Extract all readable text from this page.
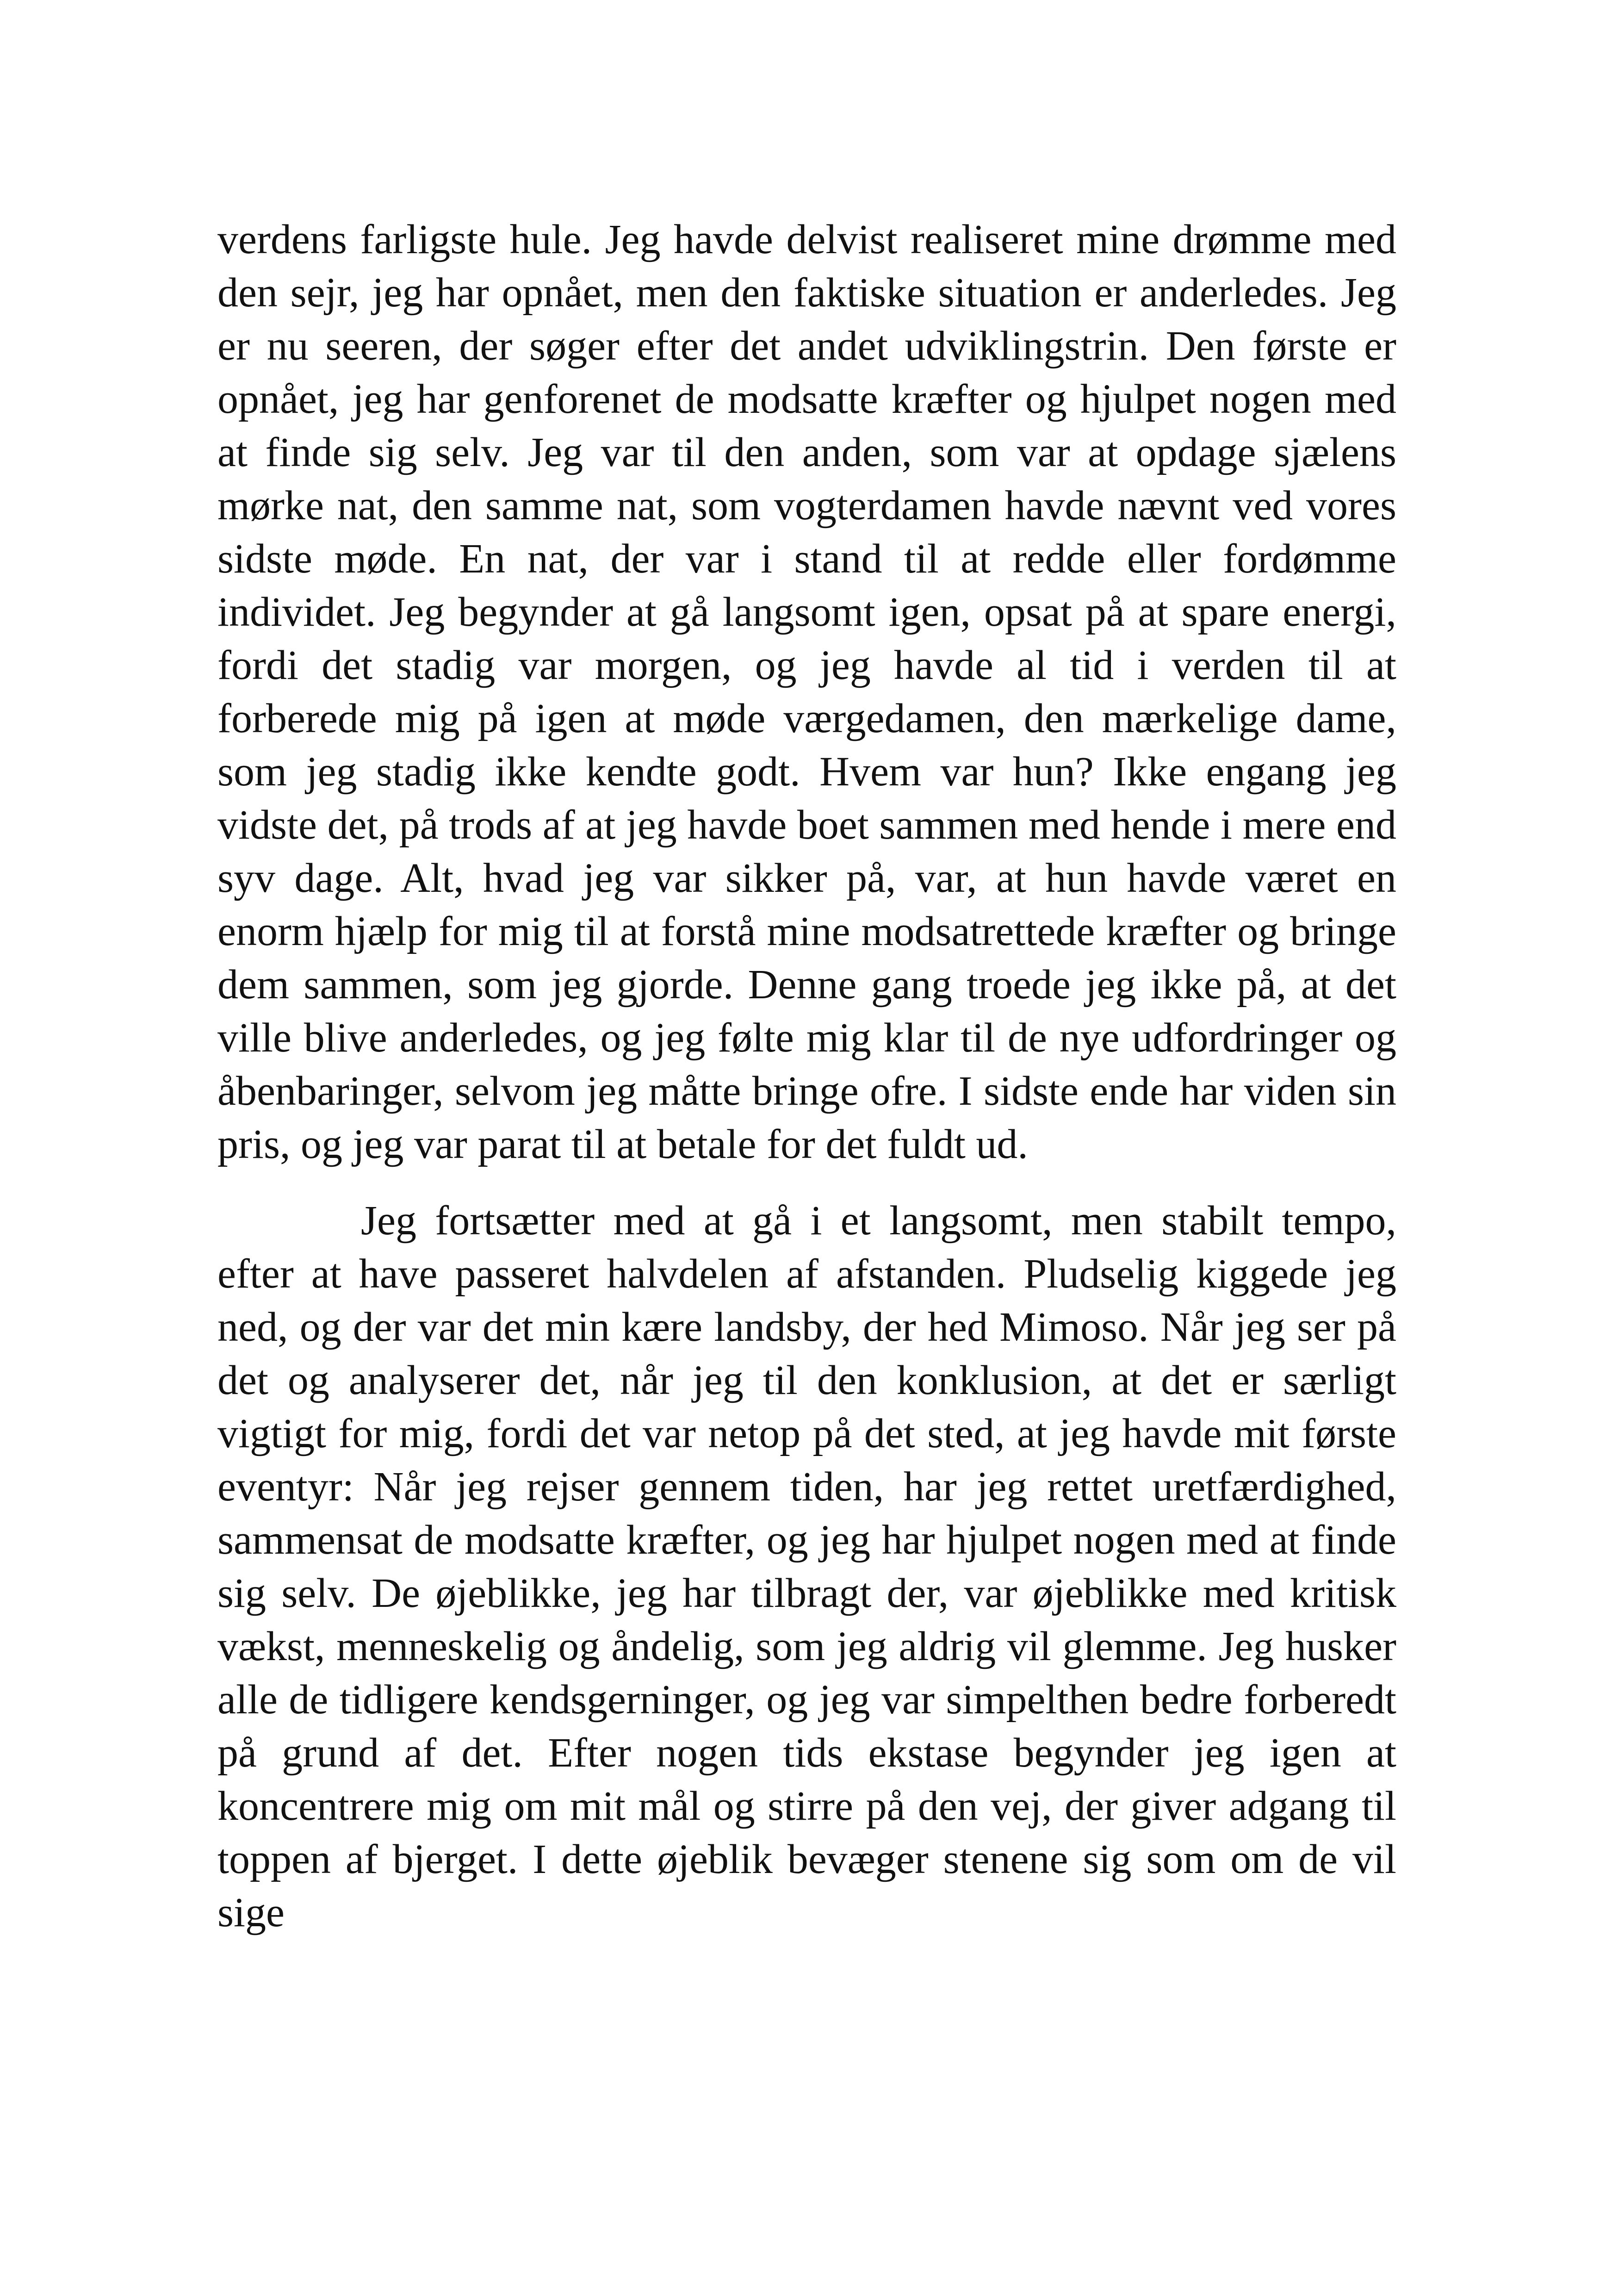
verdens farligste hule. Jeg havde delvist realiseret mine drømme med den sejr, jeg har opnået, men den faktiske situation er anderledes. Jeg er nu seeren, der søger efter det andet udviklingstrin. Den første er opnået, jeg har genforenet de modsatte kræfter og hjulpet nogen med at finde sig selv. Jeg var til den anden, som var at opdage sjælens mørke nat, den samme nat, som vogterdamen havde nævnt ved vores sidste møde. En nat, der var i stand til at redde eller fordømme individet. Jeg begynder at gå langsomt igen, opsat på at spare energi, fordi det stadig var morgen, og jeg havde al tid i verden til at forberede mig på igen at møde værgedamen, den mærkelige dame, som jeg stadig ikke kendte godt. Hvem var hun? Ikke engang jeg vidste det, på trods af at jeg havde boet sammen med hende i mere end syv dage. Alt, hvad jeg var sikker på, var, at hun havde været en enorm hjælp for mig til at forstå mine modsatrettede kræfter og bringe dem sammen, som jeg gjorde. Denne gang troede jeg ikke på, at det ville blive anderledes, og jeg følte mig klar til de nye udfordringer og åbenbaringer, selvom jeg måtte bringe ofre. I sidste ende har viden sin pris, og jeg var parat til at betale for det fuldt ud.

Jeg fortsætter med at gå i et langsomt, men stabilt tempo, efter at have passeret halvdelen af afstanden. Pludselig kiggede jeg ned, og der var det min kære landsby, der hed Mimoso. Når jeg ser på det og analyserer det, når jeg til den konklusion, at det er særligt vigtigt for mig, fordi det var netop på det sted, at jeg havde mit første eventyr: Når jeg rejser gennem tiden, har jeg rettet uretfærdighed, sammensat de modsatte kræfter, og jeg har hjulpet nogen med at finde sig selv. De øjeblikke, jeg har tilbragt der, var øjeblikke med kritisk vækst, menneskelig og åndelig, som jeg aldrig vil glemme. Jeg husker alle de tidligere kendsgerninger, og jeg var simpelthen bedre forberedt på grund af det. Efter nogen tids ekstase begynder jeg igen at koncentrere mig om mit mål og stirre på den vej, der giver adgang til toppen af bjerget. I dette øjeblik bevæger stenene sig som om de vil sige
